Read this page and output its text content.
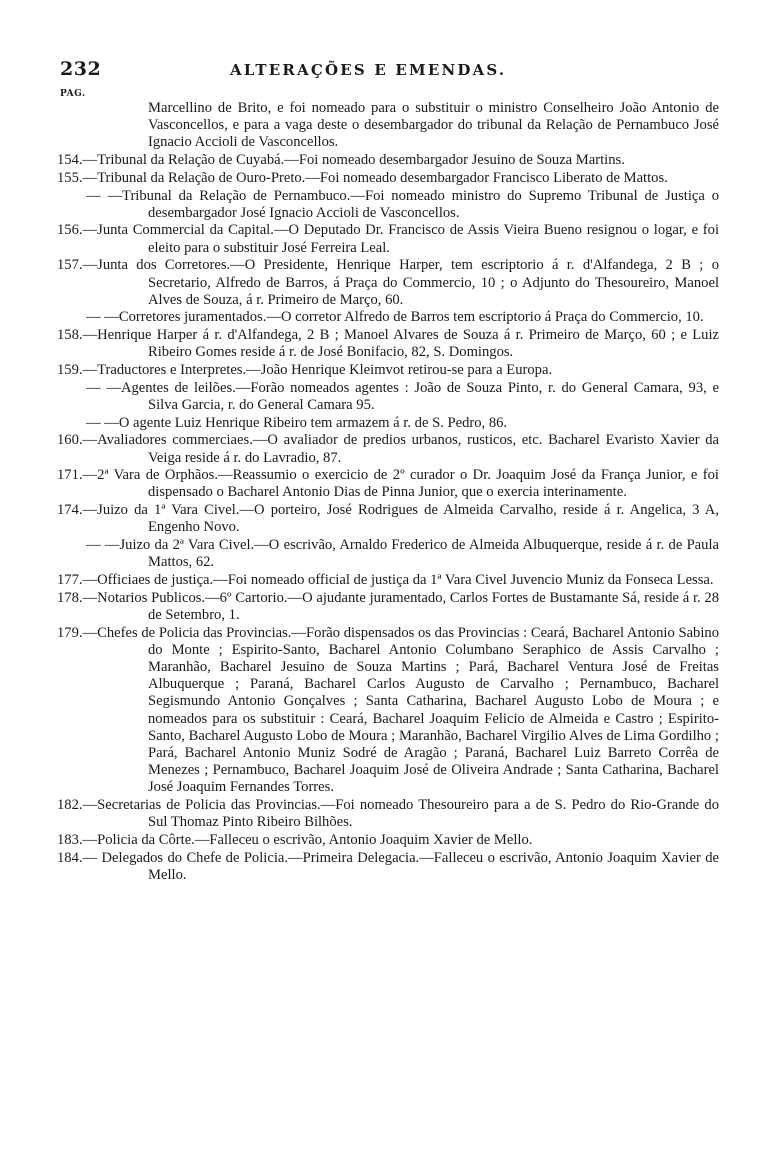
232	ALTERAÇÕES E EMENDAS.
PAG.

Marcellino de Brito, e foi nomeado para o substituir o ministro Conselheiro João Antonio de Vasconcellos, e para a vaga deste o desembargador do tribunal da Relação de Pernambuco José Ignacio Accioli de Vasconcellos.

154.—Tribunal da Relação de Cuyabá.—Foi nomeado desembargador Jesuino de Souza Martins.

155.—Tribunal da Relação de Ouro-Preto.—Foi nomeado desembargador Francisco Liberato de Mattos.

— —Tribunal da Relação de Pernambuco.—Foi nomeado ministro do Supremo Tribunal de Justiça o desembargador José Ignacio Accioli de Vasconcellos.

156.—Junta Commercial da Capital.—O Deputado Dr. Francisco de Assis Vieira Bueno resignou o logar, e foi eleito para o substituir José Ferreira Leal.

157.—Junta dos Corretores.—O Presidente, Henrique Harper, tem escriptorio á r. d'Alfandega, 2 B ; o Secretario, Alfredo de Barros, á Praça do Commercio, 10 ; o Adjunto do Thesoureiro, Manoel Alves de Souza, á r. Primeiro de Março, 60.

— —Corretores juramentados.—O corretor Alfredo de Barros tem escriptorio á Praça do Commercio, 10.

158.—Henrique Harper á r. d'Alfandega, 2 B ; Manoel Alvares de Souza á r. Primeiro de Março, 60 ; e Luiz Ribeiro Gomes reside á r. de José Bonifacio, 82, S. Domingos.

159.—Traductores e Interpretes.—João Henrique Kleimvot retirou-se para a Europa.

— —Agentes de leilões.—Forão nomeados agentes : João de Souza Pinto, r. do General Camara, 93, e Silva Garcia, r. do General Camara 95.

— —O agente Luiz Henrique Ribeiro tem armazem á r. de S. Pedro, 86.

160.—Avaliadores commerciaes.—O avaliador de predios urbanos, rusticos, etc. Bacharel Evaristo Xavier da Veiga reside á r. do Lavradio, 87.

171.—2ª Vara de Orphãos.—Reassumio o exercicio de 2º curador o Dr. Joaquim José da França Junior, e foi dispensado o Bacharel Antonio Dias de Pinna Junior, que o exercia interinamente.

174.—Juizo da 1ª Vara Civel.—O porteiro, José Rodrigues de Almeida Carvalho, reside á r. Angelica, 3 A, Engenho Novo.

— —Juizo da 2ª Vara Civel.—O escrivão, Arnaldo Frederico de Almeida Albuquerque, reside á r. de Paula Mattos, 62.

177.—Officiaes de justiça.—Foi nomeado official de justiça da 1ª Vara Civel Juvencio Muniz da Fonseca Lessa.

178.—Notarios Publicos.—6º Cartorio.—O ajudante juramentado, Carlos Fortes de Bustamante Sá, reside á r. 28 de Setembro, 1.

179.—Chefes de Policia das Provincias.—Forão dispensados os das Provincias : Ceará, Bacharel Antonio Sabino do Monte ; Espirito-Santo, Bacharel Antonio Columbano Seraphico de Assis Carvalho ; Maranhão, Bacharel Jesuino de Souza Martins ; Pará, Bacharel Ventura José de Freitas Albuquerque ; Paraná, Bacharel Carlos Augusto de Carvalho ; Pernambuco, Bacharel Segismundo Antonio Gonçalves ; Santa Catharina, Bacharel Augusto Lobo de Moura ; e nomeados para os substituir : Ceará, Bacharel Joaquim Felicio de Almeida e Castro ; Espirito-Santo, Bacharel Augusto Lobo de Moura ; Maranhão, Bacharel Virgilio Alves de Lima Gordilho ; Pará, Bacharel Antonio Muniz Sodré de Aragão ; Paraná, Bacharel Luiz Barreto Corrêa de Menezes ; Pernambuco, Bacharel Joaquim José de Oliveira Andrade ; Santa Catharina, Bacharel José Joaquim Fernandes Torres.

182.—Secretarias de Policia das Provincias.—Foi nomeado Thesoureiro para a de S. Pedro do Rio-Grande do Sul Thomaz Pinto Ribeiro Bilhões.

183.—Policia da Côrte.—Falleceu o escrivão, Antonio Joaquim Xavier de Mello.

184.— Delegados do Chefe de Policia.—Primeira Delegacia.—Falleceu o escrivão, Antonio Joaquim Xavier de Mello.
